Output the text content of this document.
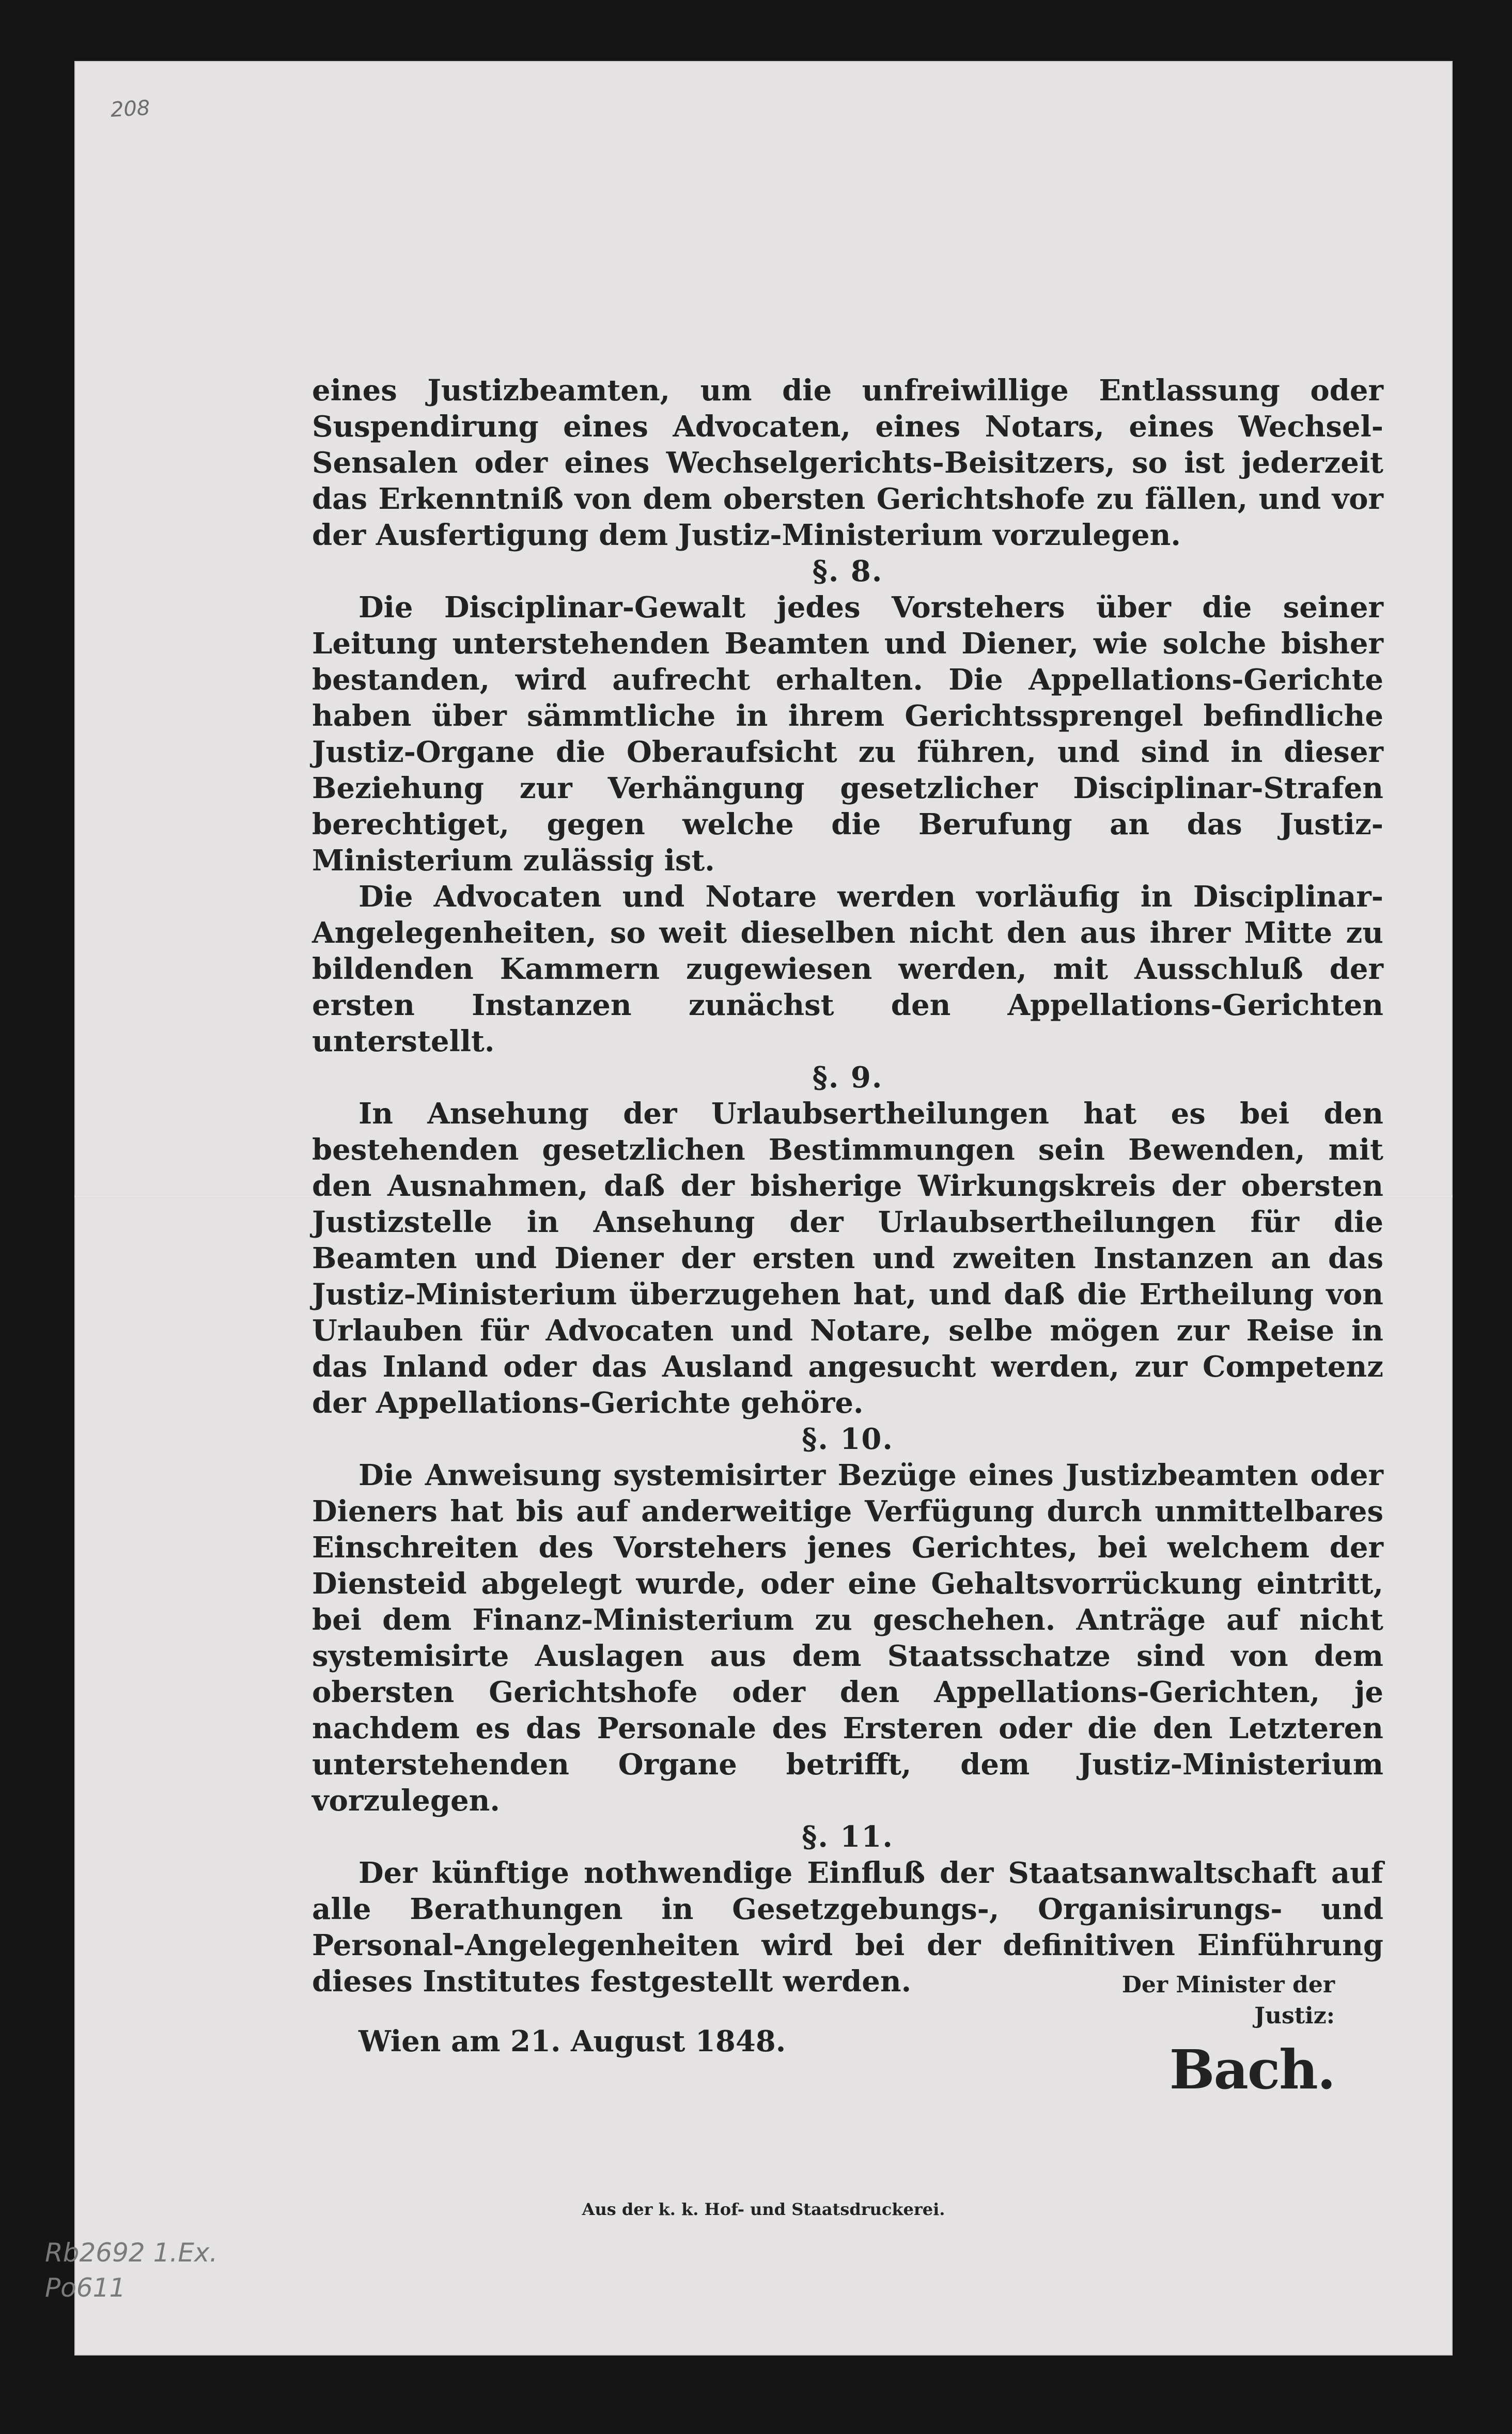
208

eines Justizbeamten, um die unfreiwillige Entlassung oder Suspendirung eines Advocaten, eines Notars, eines Wechsel-Sensalen oder eines Wechselgerichts-Beisitzers, so ist jederzeit das Erkenntniß von dem obersten Gerichtshofe zu fällen, und vor der Ausfertigung dem Justiz-Ministerium vorzulegen.

§. 8.

Die Disciplinar-Gewalt jedes Vorstehers über die seiner Leitung unterstehenden Beamten und Diener, wie solche bisher bestanden, wird aufrecht erhalten. Die Appellations-Gerichte haben über sämmtliche in ihrem Gerichtssprengel befindliche Justiz-Organe die Oberaufsicht zu führen, und sind in dieser Beziehung zur Verhängung gesetzlicher Disciplinar-Strafen berechtiget, gegen welche die Berufung an das Justiz-Ministerium zulässig ist.

Die Advocaten und Notare werden vorläufig in Disciplinar-Angelegenheiten, so weit dieselben nicht den aus ihrer Mitte zu bildenden Kammern zugewiesen werden, mit Ausschluß der ersten Instanzen zunächst den Appellations-Gerichten unterstellt.

§. 9.

In Ansehung der Urlaubsertheilungen hat es bei den bestehenden gesetzlichen Bestimmungen sein Bewenden, mit den Ausnahmen, daß der bisherige Wirkungskreis der obersten Justizstelle in Ansehung der Urlaubsertheilungen für die Beamten und Diener der ersten und zweiten Instanzen an das Justiz-Ministerium überzugehen hat, und daß die Ertheilung von Urlauben für Advocaten und Notare, selbe mögen zur Reise in das Inland oder das Ausland angesucht werden, zur Competenz der Appellations-Gerichte gehöre.

§. 10.

Die Anweisung systemisirter Bezüge eines Justizbeamten oder Dieners hat bis auf anderweitige Verfügung durch unmittelbares Einschreiten des Vorstehers jenes Gerichtes, bei welchem der Diensteid abgelegt wurde, oder eine Gehaltsvorrückung eintritt, bei dem Finanz-Ministerium zu geschehen. Anträge auf nicht systemisirte Auslagen aus dem Staatsschatze sind von dem obersten Gerichtshofe oder den Appellations-Gerichten, je nachdem es das Personale des Ersteren oder die den Letzteren unterstehenden Organe betrifft, dem Justiz-Ministerium vorzulegen.

§. 11.

Der künftige nothwendige Einfluß der Staatsanwaltschaft auf alle Berathungen in Gesetzgebungs-, Organisirungs- und Personal-Angelegenheiten wird bei der definitiven Einführung dieses Institutes festgestellt werden.

Wien am 21. August 1848.

Der Minister der Justiz:
Bach.
Aus der k. k. Hof- und Staatsdruckerei.
Rb2692 1.Ex.
Po611
